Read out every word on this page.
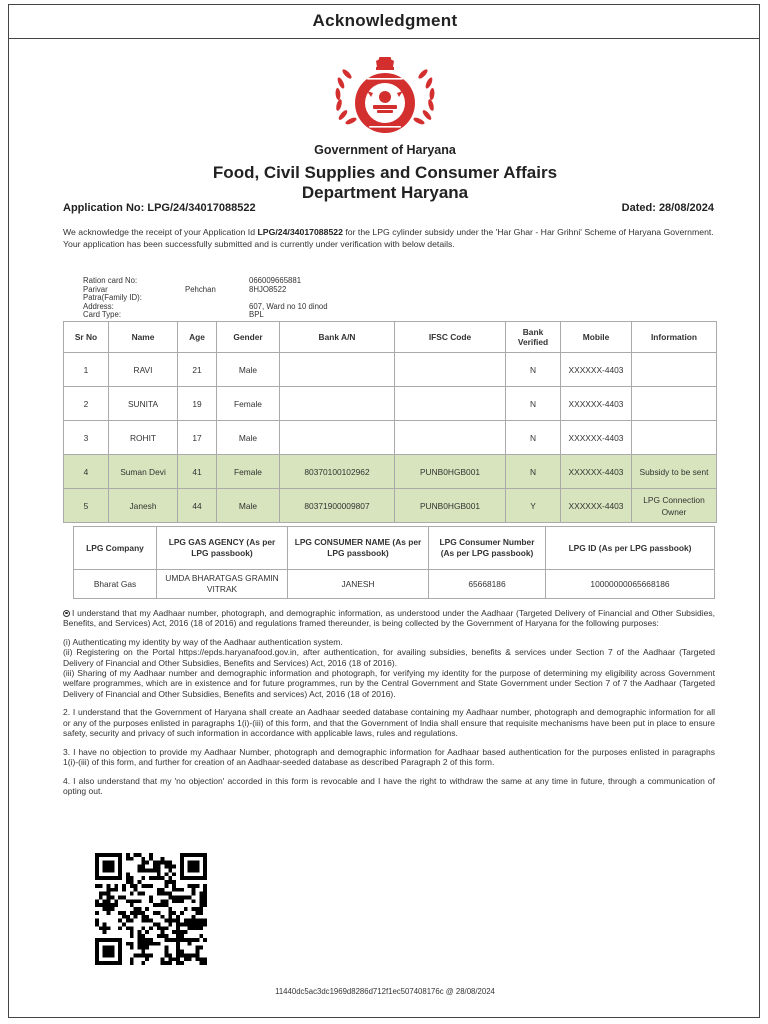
Acknowledgment
Government of Haryana
Food, Civil Supplies and Consumer Affairs
Department Haryana
Application No: LPG/24/34017088522	Dated: 28/08/2024
We acknowledge the receipt of your Application Id LPG/24/34017088522 for the LPG cylinder subsidy under the 'Har Ghar - Har Grihni' Scheme of Haryana Government. Your application has been successfully submitted and is currently under verification with below details.
Ration card No:	066009665881
Parivar	Pehchan	8HJO8522
Patra(Family ID):
Address:	607, Ward no 10 dinod
Card Type:	BPL
Sr No	Name	Age	Gender	Bank A/N	IFSC Code	Bank Verified	Mobile	Information
1	RAVI	21	Male			N	XXXXXX-4403	
2	SUNITA	19	Female			N	XXXXXX-4403	
3	ROHIT	17	Male			N	XXXXXX-4403	
4	Suman Devi	41	Female	80370100102962	PUNB0HGB001	N	XXXXXX-4403	Subsidy to be sent
5	Janesh	44	Male	80371900009807	PUNB0HGB001	Y	XXXXXX-4403	LPG Connection Owner
LPG Company	LPG GAS AGENCY (As per LPG passbook)	LPG CONSUMER NAME (As per LPG passbook)	LPG Consumer Number (As per LPG passbook)	LPG ID (As per LPG passbook)
Bharat Gas	UMDA BHARATGAS GRAMIN VITRAK	JANESH	65668186	10000000065668186

I understand that my Aadhaar number, photograph, and demographic information, as understood under the Aadhaar (Targeted Delivery of Financial and Other Subsidies, Benefits, and Services) Act, 2016 (18 of 2016) and regulations framed thereunder, is being collected by the Government of Haryana for the following purposes:

(i) Authenticating my identity by way of the Aadhaar authentication system.

(ii) Registering on the Portal https://epds.haryanafood.gov.in, after authentication, for availing subsidies, benefits & services under Section 7 of the Aadhaar (Targeted Delivery of Financial and Other Subsidies, Benefits and Services) Act, 2016 (18 of 2016).

(iii) Sharing of my Aadhaar number and demographic information and photograph, for verifying my identity for the purpose of determining my eligibility across Government welfare programmes, which are in existence and for future programmes, run by the Central Government and State Government under Section 7 of 7 the Aadhaar (Targeted Delivery of Financial and Other Subsidies, Benefits and services) Act, 2016 (18 of 2016).

2. I understand that the Government of Haryana shall create an Aadhaar seeded database containing my Aadhaar number, photograph and demographic information for all or any of the purposes enlisted in paragraphs 1(i)-(iii) of this form, and that the Government of India shall ensure that requisite mechanisms have been put in place to ensure safety, security and privacy of such information in accordance with applicable laws, rules and regulations.

3. I have no objection to provide my Aadhaar Number, photograph and demographic information for Aadhaar based authentication for the purposes enlisted in paragraphs 1(i)-(iii) of this form, and further for creation of an Aadhaar-seeded database as described Paragraph 2 of this form.

4. I also understand that my 'no objection' accorded in this form is revocable and I have the right to withdraw the same at any time in future, through a communication of opting out.

11440dc5ac3dc1969d8286d712f1ec507408176c @ 28/08/2024
